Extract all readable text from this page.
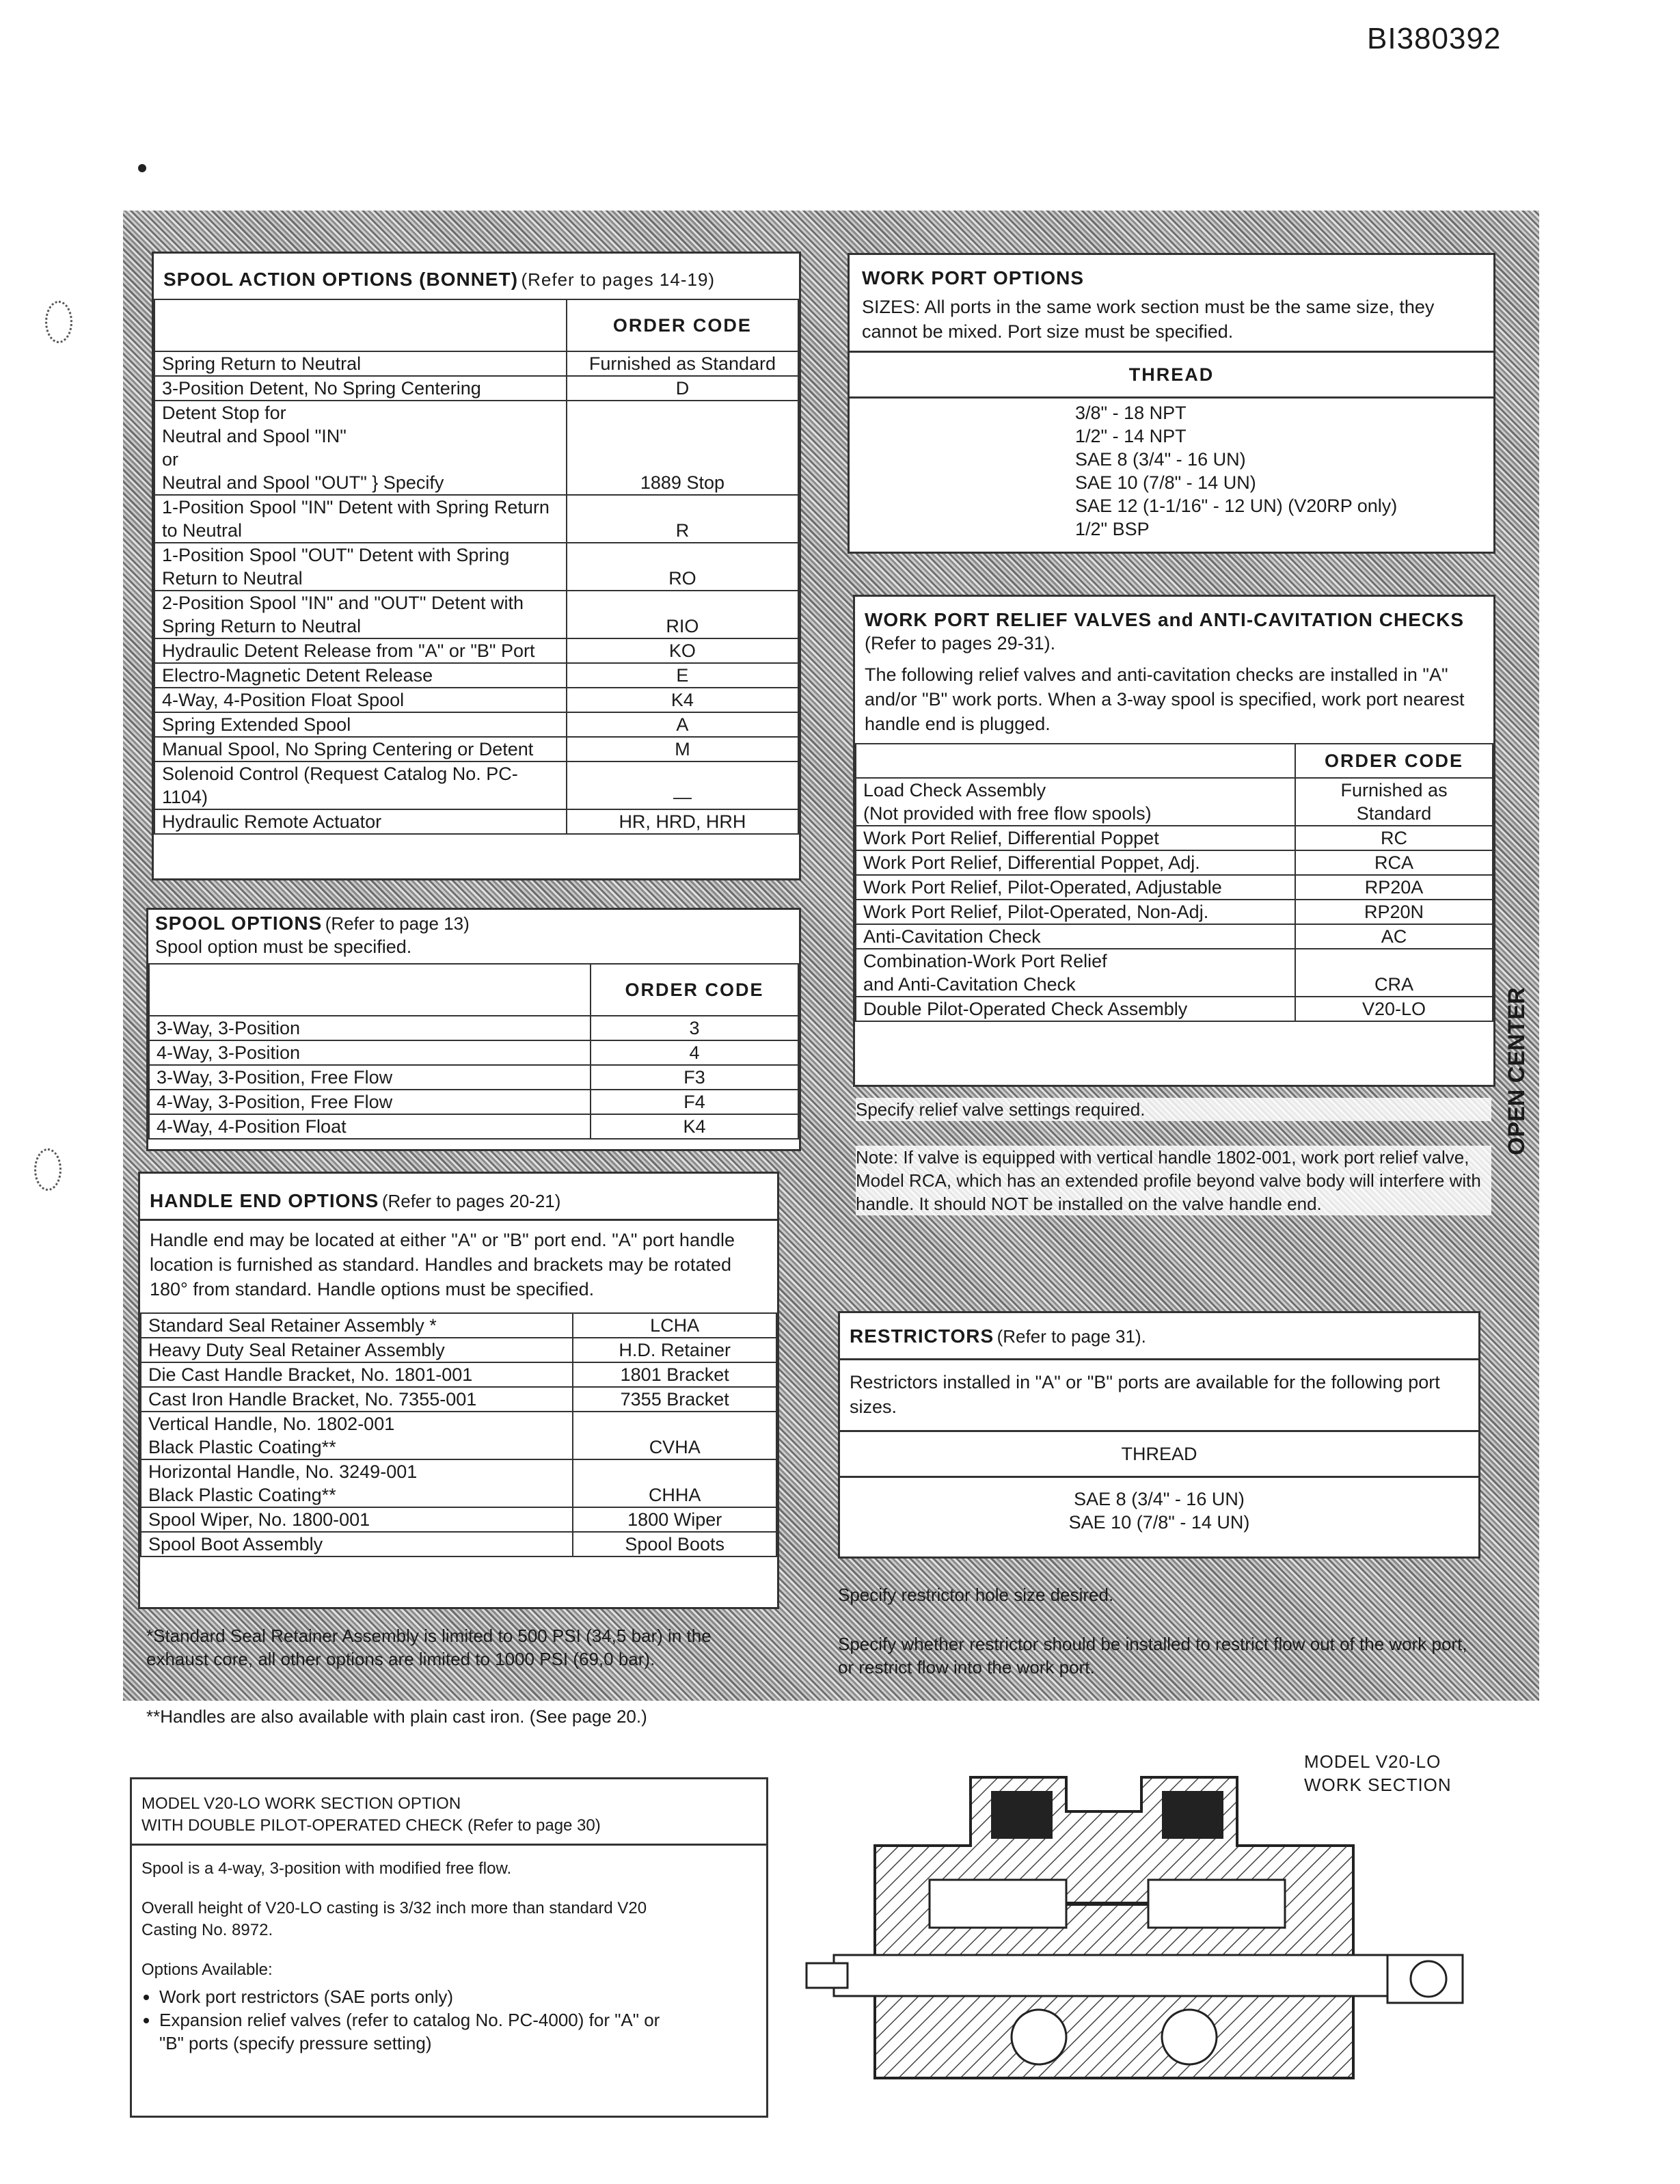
BI380392
SPOOL ACTION OPTIONS (BONNET) (Refer to pages 14-19)
	ORDER CODE
Spring Return to Neutral	Furnished as Standard
3-Position Detent, No Spring Centering	D
Detent Stop for
Neutral and Spool "IN"
or
Neutral and Spool "OUT" } Specify	1889 Stop
1-Position Spool "IN" Detent with Spring Return to Neutral	R
1-Position Spool "OUT" Detent with Spring Return to Neutral	RO
2-Position Spool "IN" and "OUT" Detent with Spring Return to Neutral	RIO
Hydraulic Detent Release from "A" or "B" Port	KO
Electro-Magnetic Detent Release	E
4-Way, 4-Position Float Spool	K4
Spring Extended Spool	A
Manual Spool, No Spring Centering or Detent	M
Solenoid Control (Request Catalog No. PC-1104)	—
Hydraulic Remote Actuator	HR, HRD, HRH
SPOOL OPTIONS (Refer to page 13)
Spool option must be specified.
	ORDER CODE
3-Way, 3-Position	3
4-Way, 3-Position	4
3-Way, 3-Position, Free Flow	F3
4-Way, 3-Position, Free Flow	F4
4-Way, 4-Position Float	K4
HANDLE END OPTIONS (Refer to pages 20-21)
Handle end may be located at either "A" or "B" port end. "A" port handle location is furnished as standard. Handles and brackets may be rotated 180° from standard. Handle options must be specified.
Standard Seal Retainer Assembly *	LCHA
Heavy Duty Seal Retainer Assembly	H.D. Retainer
Die Cast Handle Bracket, No. 1801-001	1801 Bracket
Cast Iron Handle Bracket, No. 7355-001	7355 Bracket
Vertical Handle, No. 1802-001
Black Plastic Coating**	CVHA
Horizontal Handle, No. 3249-001
Black Plastic Coating**	CHHA
Spool Wiper, No. 1800-001	1800 Wiper
Spool Boot Assembly	Spool Boots
*Standard Seal Retainer Assembly is limited to 500 PSI (34,5 bar) in the exhaust core, all other options are limited to 1000 PSI (69,0 bar).
**Handles are also available with plain cast iron. (See page 20.)
MODEL V20-LO WORK SECTION OPTION
WITH DOUBLE PILOT-OPERATED CHECK (Refer to page 30)
Spool is a 4-way, 3-position with modified free flow.
Overall height of V20-LO casting is 3/32 inch more than standard V20 Casting No. 8972.
Options Available:
• Work port restrictors (SAE ports only)
• Expansion relief valves (refer to catalog No. PC-4000) for "A" or "B" ports (specify pressure setting)
WORK PORT OPTIONS
SIZES: All ports in the same work section must be the same size, they cannot be mixed. Port size must be specified.
THREAD
3/8" - 18 NPT
1/2" - 14 NPT
SAE 8 (3/4" - 16 UN)
SAE 10 (7/8" - 14 UN)
SAE 12 (1-1/16" - 12 UN) (V20RP only)
1/2" BSP
WORK PORT RELIEF VALVES and ANTI-CAVITATION CHECKS
(Refer to pages 29-31).
The following relief valves and anti-cavitation checks are installed in "A" and/or "B" work ports. When a 3-way spool is specified, work port nearest handle end is plugged.
	ORDER CODE
Load Check Assembly
(Not provided with free flow spools)	Furnished as Standard
Work Port Relief, Differential Poppet	RC
Work Port Relief, Differential Poppet, Adj.	RCA
Work Port Relief, Pilot-Operated, Adjustable	RP20A
Work Port Relief, Pilot-Operated, Non-Adj.	RP20N
Anti-Cavitation Check	AC
Combination-Work Port Relief
and Anti-Cavitation Check	CRA
Double Pilot-Operated Check Assembly	V20-LO
Specify relief valve settings required.
Note: If valve is equipped with vertical handle 1802-001, work port relief valve, Model RCA, which has an extended profile beyond valve body will interfere with handle. It should NOT be installed on the valve handle end.
RESTRICTORS (Refer to page 31).
Restrictors installed in "A" or "B" ports are available for the following port sizes.
THREAD
SAE 8 (3/4" - 16 UN)
SAE 10 (7/8" - 14 UN)
Specify restrictor hole size desired.
Specify whether restrictor should be installed to restrict flow out of the work port, or restrict flow into the work port.
OPEN CENTER
MODEL V20-LO
WORK SECTION
